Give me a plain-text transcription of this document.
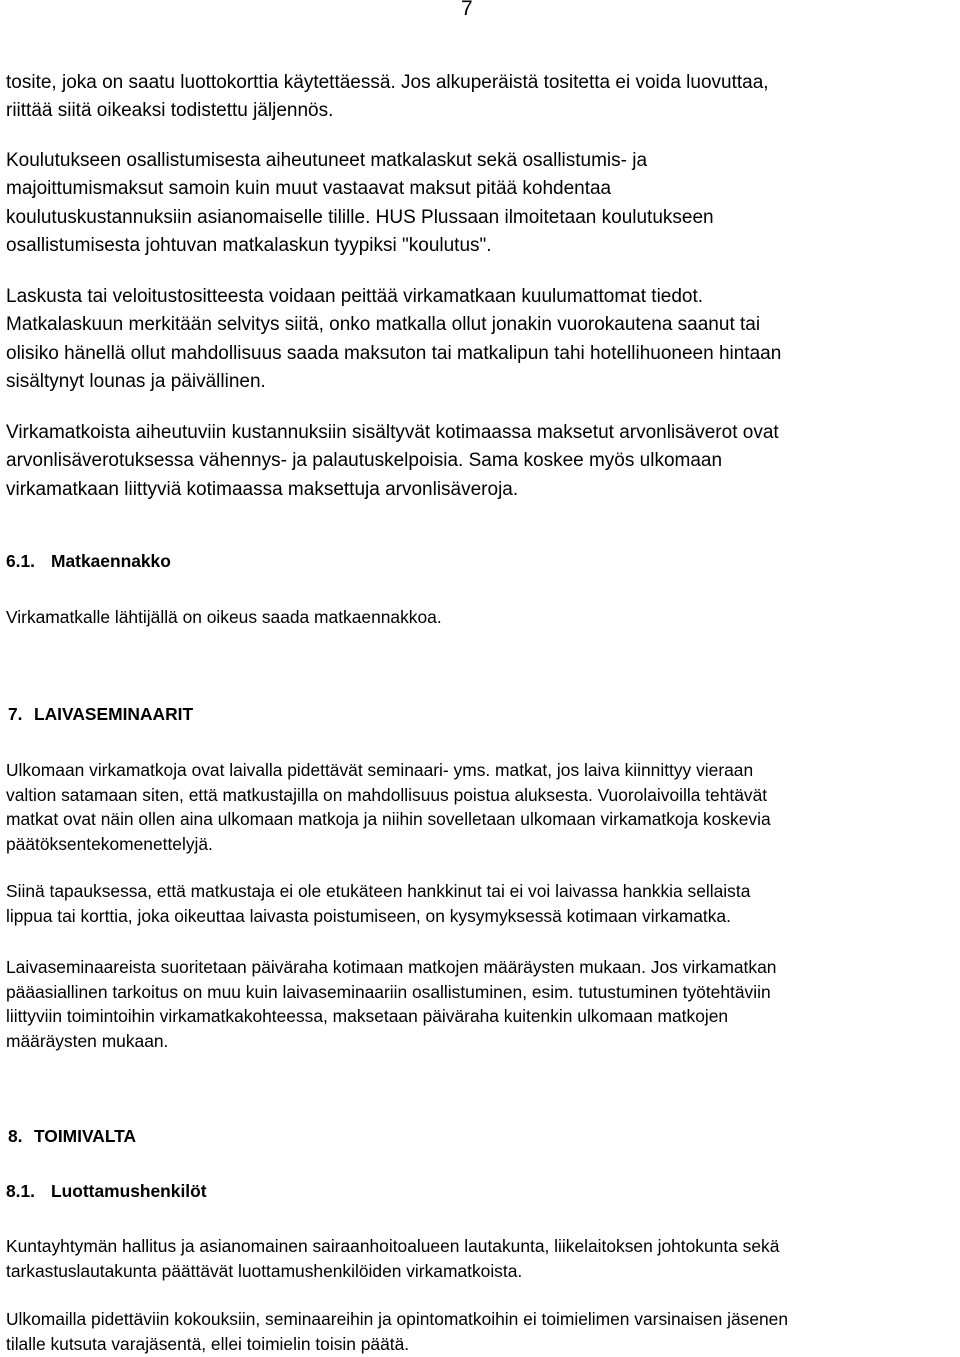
7

tosite, joka on saatu luottokorttia käytettäessä. Jos alkuperäistä tositetta ei voida luovuttaa,
riittää siitä oikeaksi todistettu jäljennös.

Koulutukseen osallistumisesta aiheutuneet matkalaskut sekä osallistumis- ja
majoittumismaksut samoin kuin muut vastaavat maksut pitää kohdentaa
koulutuskustannuksiin asianomaiselle tilille. HUS Plussaan ilmoitetaan koulutukseen
osallistumisesta johtuvan matkalaskun tyypiksi "koulutus".

Laskusta tai veloitustositteesta voidaan peittää virkamatkaan kuulumattomat tiedot.
Matkalaskuun merkitään selvitys siitä, onko matkalla ollut jonakin vuorokautena saanut tai
olisiko hänellä ollut mahdollisuus saada maksuton tai matkalipun tahi hotellihuoneen hintaan
sisältynyt lounas ja päivällinen.

Virkamatkoista aiheutuviin kustannuksiin sisältyvät kotimaassa maksetut arvonlisäverot ovat
arvonlisäverotuksessa vähennys- ja palautuskelpoisia. Sama koskee myös ulkomaan
virkamatkaan liittyviä kotimaassa maksettuja arvonlisäveroja.

6.1. Matkaennakko

Virkamatkalle lähtijällä on oikeus saada matkaennakkoa.

7. LAIVASEMINAARIT

Ulkomaan virkamatkoja ovat laivalla pidettävät seminaari- yms. matkat, jos laiva kiinnittyy vieraan
valtion satamaan siten, että matkustajilla on mahdollisuus poistua aluksesta. Vuorolaivoilla tehtävät
matkat ovat näin ollen aina ulkomaan matkoja ja niihin sovelletaan ulkomaan virkamatkoja koskevia
päätöksentekomenettelyjä.

Siinä tapauksessa, että matkustaja ei ole etukäteen hankkinut tai ei voi laivassa hankkia sellaista
lippua tai korttia, joka oikeuttaa laivasta poistumiseen, on kysymyksessä kotimaan virkamatka.

Laivaseminaareista suoritetaan päiväraha kotimaan matkojen määräysten mukaan. Jos virkamatkan
pääasiallinen tarkoitus on muu kuin laivaseminaariin osallistuminen, esim. tutustuminen työtehtäviin
liittyviin toimintoihin virkamatkakohteessa, maksetaan päiväraha kuitenkin ulkomaan matkojen
määräysten mukaan.

8. TOIMIVALTA
8.1. Luottamushenkilöt

Kuntayhtymän hallitus ja asianomainen sairaanhoitoalueen lautakunta, liikelaitoksen johtokunta sekä
tarkastuslautakunta päättävät luottamushenkilöiden virkamatkoista.

Ulkomailla pidettäviin kokouksiin, seminaareihin ja opintomatkoihin ei toimielimen varsinaisen jäsenen
tilalle kutsuta varajäsentä, ellei toimielin toisin päätä.
